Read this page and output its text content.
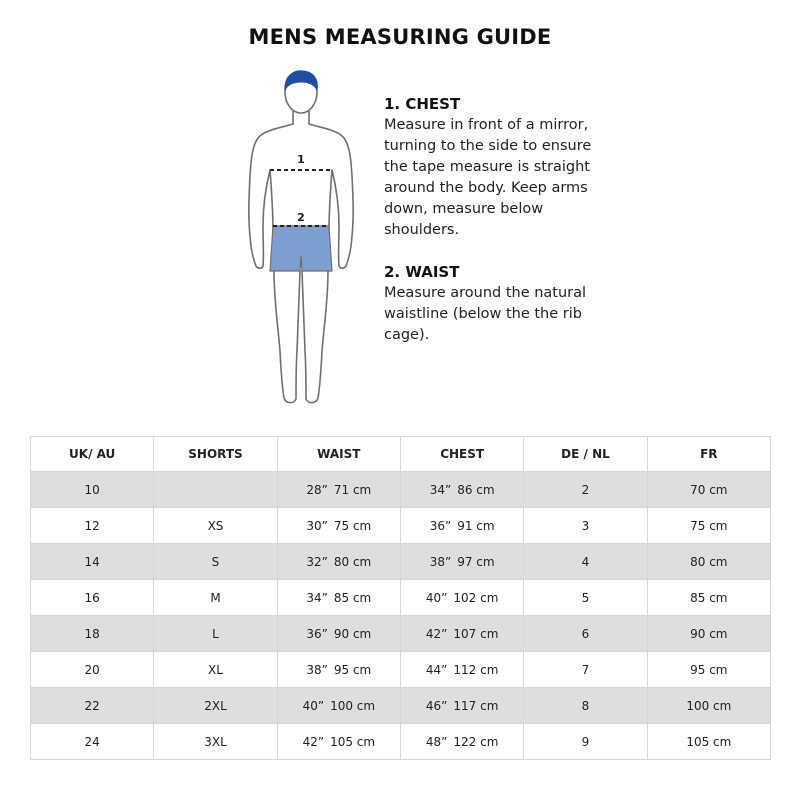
MENS MEASURING GUIDE
1
2
1. CHEST
Measure in front of a mirror, turning to the side to ensure the tape measure is straight around the body. Keep arms down, measure below shoulders.
2. WAIST
Measure around the natural waistline (below the the rib cage).
UK/ AU	SHORTS	WAIST	CHEST	DE / NL	FR
10		28” 71 cm	34” 86 cm	2	70 cm
12	XS	30” 75 cm	36” 91 cm	3	75 cm
14	S	32” 80 cm	38” 97 cm	4	80 cm
16	M	34” 85 cm	40” 102 cm	5	85 cm
18	L	36” 90 cm	42” 107 cm	6	90 cm
20	XL	38” 95 cm	44” 112 cm	7	95 cm
22	2XL	40” 100 cm	46” 117 cm	8	100 cm
24	3XL	42” 105 cm	48” 122 cm	9	105 cm
